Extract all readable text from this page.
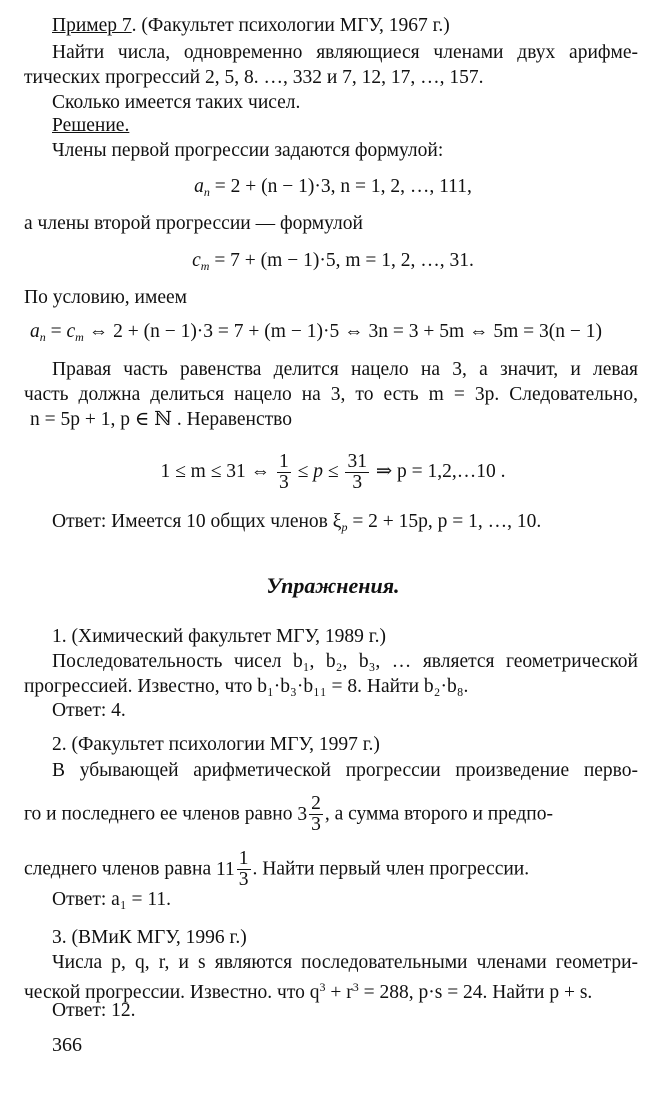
Пример 7. (Факультет психологии МГУ, 1967 г.)
Найти числа, одновременно являющиеся членами двух арифме-
тических прогрессий 2, 5, 8. …, 332 и 7, 12, 17, …, 157.
Сколько имеется таких чисел.
Решение.
Члены первой прогрессии задаются формулой:
$a_n = 2 + (n - 1)\cdot 3$, n = 1, 2, …, 111,
а члены второй прогрессии — формулой
$c_m = 7 + (m - 1)\cdot 5$, m = 1, 2, …, 31.
По условию, имеем
$a_n = c_m$ ⇔ 2 + (n − 1)·3 = 7 + (m − 1)·5 ⇔ 3n = 3 + 5m ⇔ 5m = 3(n − 1)
Правая часть равенства делится нацело на 3, а значит, и левая
часть должна делиться нацело на 3, то есть m = 3p. Следовательно,
n = 5p + 1, p ∈ ℕ . Неравенство
1 ≤ m ≤ 31 ⇔ $\frac{1}{3} \le p \le \frac{31}{3}$ ⇒ p = 1,2,…10 .
Ответ: Имеется 10 общих членов $\xi_p = 2 + 15p$, p = 1, …, 10.
Упражнения.
1. (Химический факультет МГУ, 1989 г.)
Последовательность чисел b₁, b₂, b₃, … является геометрической
прогрессией. Известно, что b₁·b₃·b₁₁ = 8. Найти b₂·b₈.
Ответ: 4.
2. (Факультет психологии МГУ, 1997 г.)
В убывающей арифметической прогрессии произведение перво-
го и последнего ее членов равно $3 \frac{2}{3}$ , а сумма второго и предпо-
следнего членов равна $11 \frac{1}{3}$ . Найти первый член прогрессии.
Ответ: a₁ = 11.
3. (ВМиК МГУ, 1996 г.)
Числа p, q, r, и s являются последовательными членами геометри-
ческой прогрессии. Известно. что $q^3 + r^3 = 288$, p·s = 24. Найти p + s.
Ответ: 12.
366
